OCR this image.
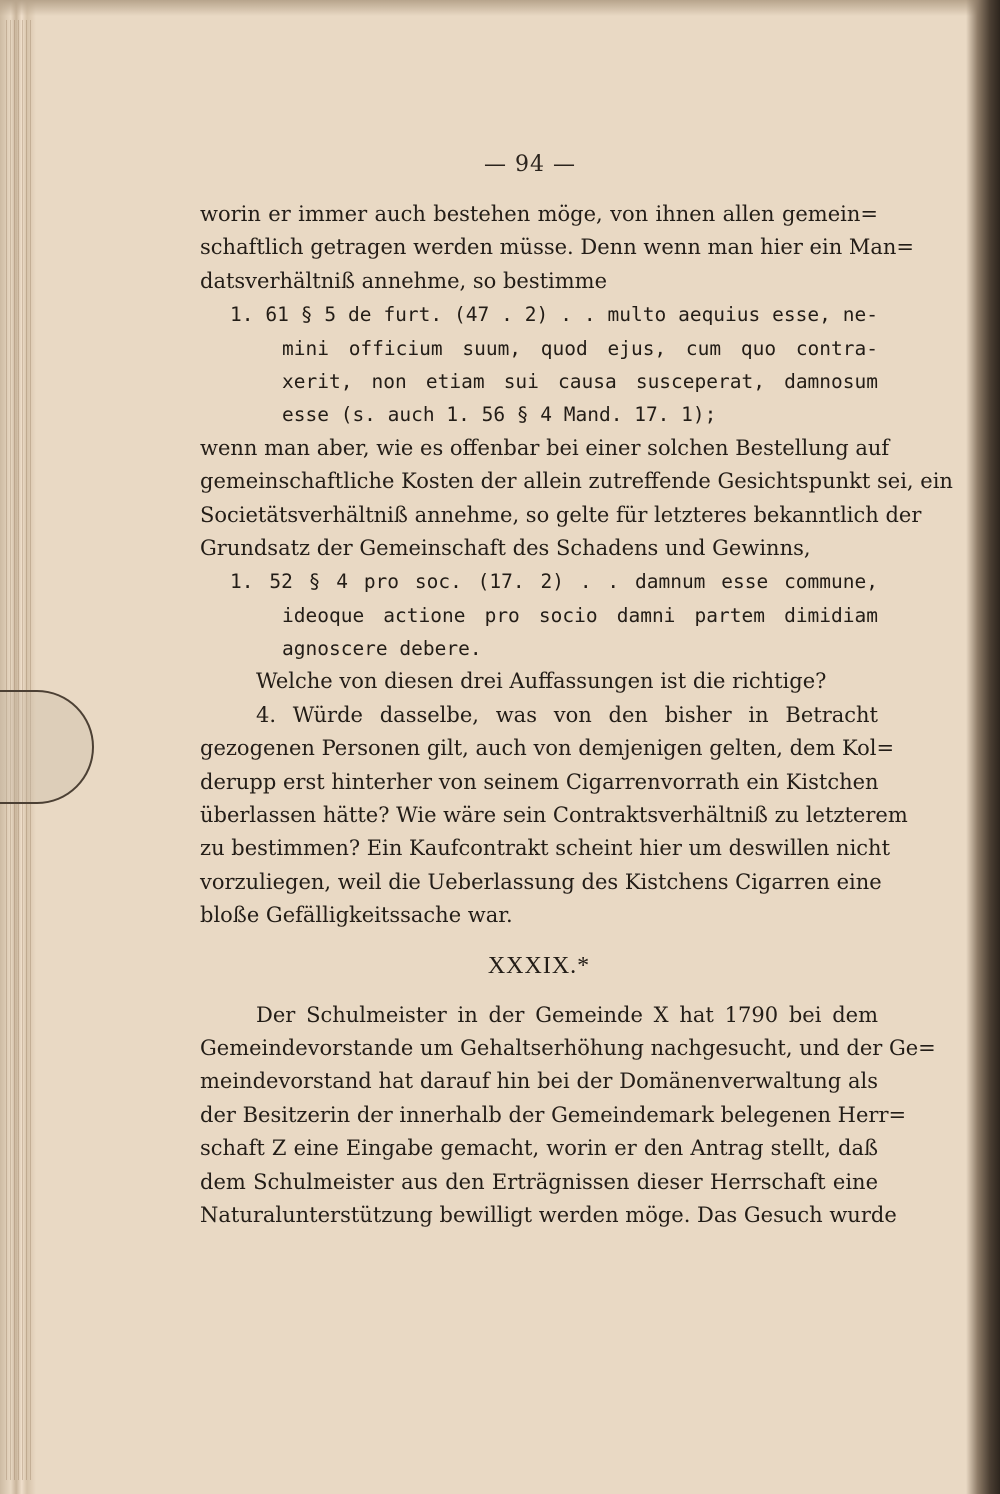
— 94 —
worin er immer auch bestehen möge, von ihnen allen gemein=
schaftlich getragen werden müsse. Denn wenn man hier ein Man=
datsverhältniß annehme, so bestimme
1. 61 § 5 de furt. (47 . 2) . . multo aequius esse, ne-
mini officium suum, quod ejus, cum quo contra-
xerit, non etiam sui causa susceperat, damnosum
esse (s. auch 1. 56 § 4 Mand. 17. 1);
wenn man aber, wie es offenbar bei einer solchen Bestellung auf
gemeinschaftliche Kosten der allein zutreffende Gesichtspunkt sei, ein
Societätsverhältniß annehme, so gelte für letzteres bekanntlich der
Grundsatz der Gemeinschaft des Schadens und Gewinns,
1. 52 § 4 pro soc. (17. 2) . . damnum esse commune,
ideoque actione pro socio damni partem dimidiam
agnoscere debere.
Welche von diesen drei Auffassungen ist die richtige?
4. Würde dasselbe, was von den bisher in Betracht
gezogenen Personen gilt, auch von demjenigen gelten, dem Kol=
derupp erst hinterher von seinem Cigarrenvorrath ein Kistchen
überlassen hätte? Wie wäre sein Contraktsverhältniß zu letzterem
zu bestimmen? Ein Kaufcontrakt scheint hier um deswillen nicht
vorzuliegen, weil die Ueberlassung des Kistchens Cigarren eine
bloße Gefälligkeitssache war.
XXXIX.*
Der Schulmeister in der Gemeinde X hat 1790 bei dem
Gemeindevorstande um Gehaltserhöhung nachgesucht, und der Ge=
meindevorstand hat darauf hin bei der Domänenverwaltung als
der Besitzerin der innerhalb der Gemeindemark belegenen Herr=
schaft Z eine Eingabe gemacht, worin er den Antrag stellt, daß
dem Schulmeister aus den Erträgnissen dieser Herrschaft eine
Naturalunterstützung bewilligt werden möge. Das Gesuch wurde
